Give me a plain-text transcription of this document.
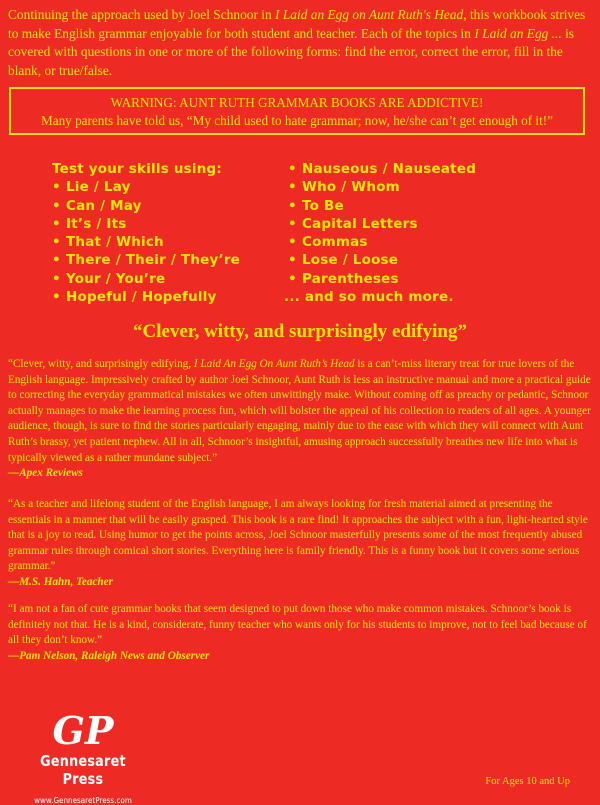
Continuing the approach used by Joel Schnoor in I Laid an Egg on Aunt Ruth's Head, this workbook strives to make English grammar enjoyable for both student and teacher. Each of the topics in I Laid an Egg ... is covered with questions in one or more of the following forms: find the error, correct the error, fill in the blank, or true/false.
WARNING: AUNT RUTH GRAMMAR BOOKS ARE ADDICTIVE!
Many parents have told us, “My child used to hate grammar; now, he/she can’t get enough of it!”
Test your skills using:
• Lie / Lay
• Can / May
• It’s / Its
• That / Which
• There / Their / They’re
• Your / You’re
• Hopeful / Hopefully
• Nauseous / Nauseated
• Who / Whom
• To Be
• Capital Letters
• Commas
• Lose / Loose
• Parentheses
... and so much more.
“Clever, witty, and surprisingly edifying”
“Clever, witty, and surprisingly edifying, I Laid An Egg On Aunt Ruth’s Head is a can’t-miss literary treat for true lovers of the English language. Impressively crafted by author Joel Schnoor, Aunt Ruth is less an instructive manual and more a practical guide to correcting the everyday grammatical mistakes we often unwittingly make. Without coming off as preachy or pedantic, Schnoor actually manages to make the learning process fun, which will bolster the appeal of his collection to readers of all ages. A younger audience, though, is sure to find the stories particularly engaging, mainly due to the ease with which they will connect with Aunt Ruth’s brassy, yet patient nephew. All in all, Schnoor’s insightful, amusing approach successfully breathes new life into what is typically viewed as a rather mundane subject.”
—Apex Reviews
“As a teacher and lifelong student of the English language, I am always looking for fresh material aimed at presenting the essentials in a manner that will be easily grasped. This book is a rare find! It approaches the subject with a fun, light-hearted style that is a joy to read. Using humor to get the points across, Joel Schnoor masterfully presents some of the most frequently abused grammar rules through comical short stories. Everything here is family friendly. This is a funny book but it covers some serious grammar.”
—M.S. Hahn, Teacher
“I am not a fan of cute grammar books that seem designed to put down those who make common mistakes. Schnoor’s book is definitely not that. He is a kind, considerate, funny teacher who wants only for his students to improve, not to feel bad because of all they don’t know.”
—Pam Nelson, Raleigh News and Observer
GP
Gennesaret Press
www.GennesaretPress.com
For Ages 10 and Up
